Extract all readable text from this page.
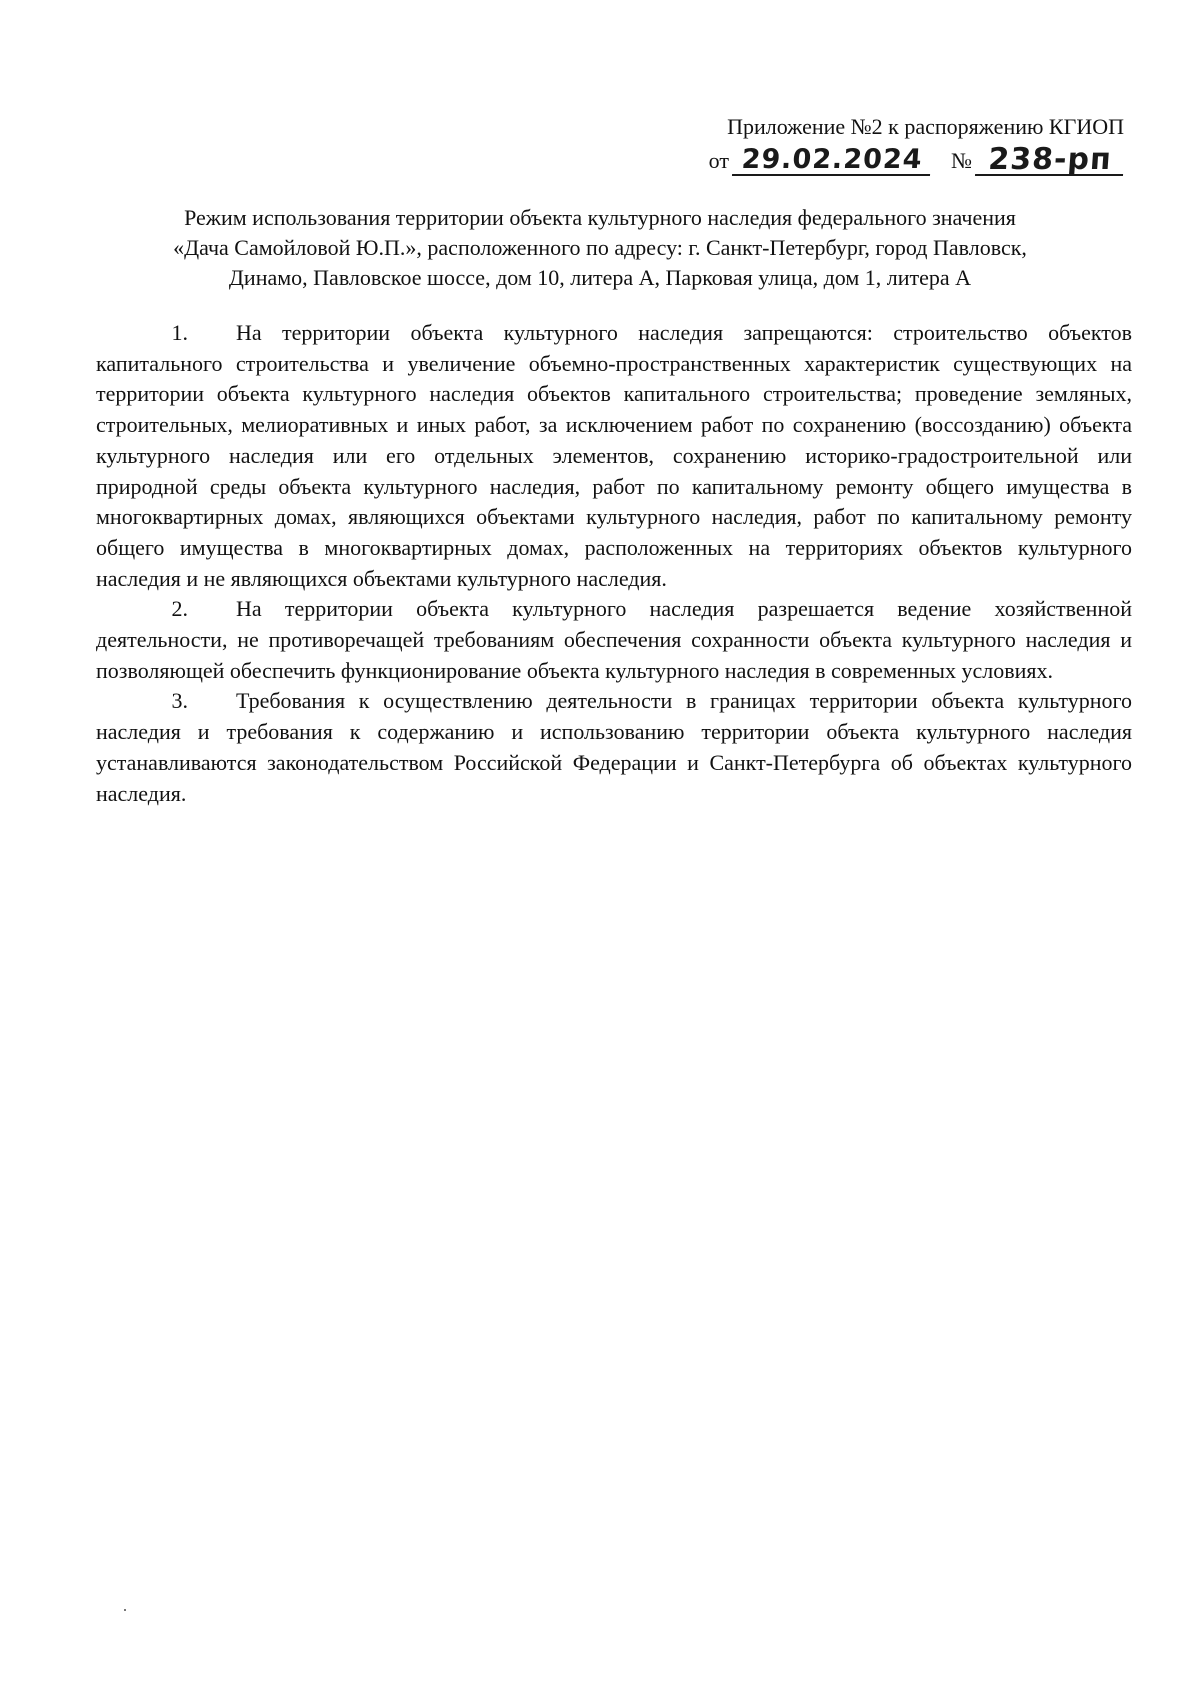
Приложение №2 к распоряжению КГИОП
от 29.02.2024	№ 238-рп
Режим использования территории объекта культурного наследия федерального значения
«Дача Самойловой Ю.П.», расположенного по адресу: г. Санкт-Петербург, город Павловск,
Динамо, Павловское шоссе, дом 10, литера А, Парковая улица, дом 1, литера А

1. На территории объекта культурного наследия запрещаются: строительство объектов капитального строительства и увеличение объемно-пространственных характеристик существующих на территории объекта культурного наследия объектов капитального строительства; проведение земляных, строительных, мелиоративных и иных работ, за исключением работ по сохранению (воссозданию) объекта культурного наследия или его отдельных элементов, сохранению историко-градостроительной или природной среды объекта культурного наследия, работ по капитальному ремонту общего имущества в многоквартирных домах, являющихся объектами культурного наследия, работ по капитальному ремонту общего имущества в многоквартирных домах, расположенных на территориях объектов культурного наследия и не являющихся объектами культурного наследия.

2. На территории объекта культурного наследия разрешается ведение хозяйственной деятельности, не противоречащей требованиям обеспечения сохранности объекта культурного наследия и позволяющей обеспечить функционирование объекта культурного наследия в современных условиях.

3. Требования к осуществлению деятельности в границах территории объекта культурного наследия и требования к содержанию и использованию территории объекта культурного наследия устанавливаются законодательством Российской Федерации и Санкт-Петербурга об объектах культурного наследия.
